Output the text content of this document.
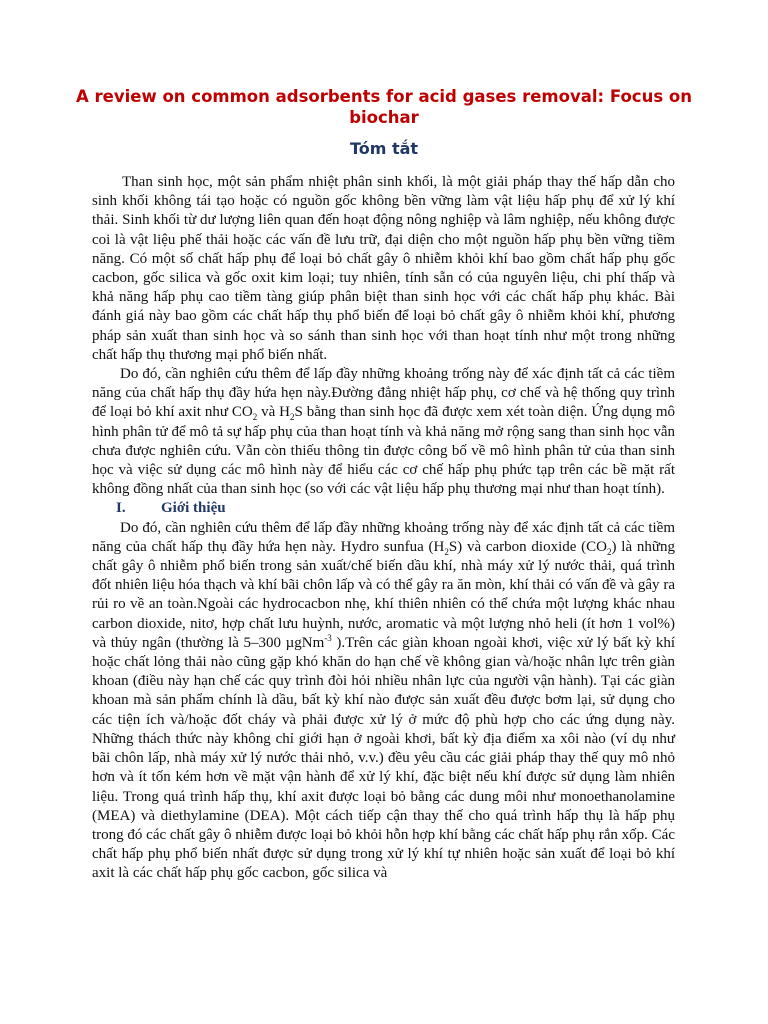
A review on common adsorbents for acid gases removal: Focus on biochar
Tóm tắt

Than sinh học, một sản phẩm nhiệt phân sinh khối, là một giải pháp thay thế hấp dẫn cho sinh khối không tái tạo hoặc có nguồn gốc không bền vững làm vật liệu hấp phụ để xử lý khí thải. Sinh khối từ dư lượng liên quan đến hoạt động nông nghiệp và lâm nghiệp, nếu không được coi là vật liệu phế thải hoặc các vấn đề lưu trữ, đại diện cho một nguồn hấp phụ bền vững tiềm năng. Có một số chất hấp phụ để loại bỏ chất gây ô nhiễm khỏi khí bao gồm chất hấp phụ gốc cacbon, gốc silica và gốc oxit kim loại; tuy nhiên, tính sẵn có của nguyên liệu, chi phí thấp và khả năng hấp phụ cao tiềm tàng giúp phân biệt than sinh học với các chất hấp phụ khác. Bài đánh giá này bao gồm các chất hấp thụ phổ biến để loại bỏ chất gây ô nhiễm khỏi khí, phương pháp sản xuất than sinh học và so sánh than sinh học với than hoạt tính như một trong những chất hấp thụ thương mại phổ biến nhất.

Do đó, cần nghiên cứu thêm để lấp đầy những khoảng trống này để xác định tất cả các tiềm năng của chất hấp thụ đầy hứa hẹn này.Đường đẳng nhiệt hấp phụ, cơ chế và hệ thống quy trình để loại bỏ khí axit như $CO_2$ và $H_2S$ bằng than sinh học đã được xem xét toàn diện. Ứng dụng mô hình phân tử để mô tả sự hấp phụ của than hoạt tính và khả năng mở rộng sang than sinh học vẫn chưa được nghiên cứu. Vẫn còn thiếu thông tin được công bố về mô hình phân tử của than sinh học và việc sử dụng các mô hình này để hiểu các cơ chế hấp phụ phức tạp trên các bề mặt rất không đồng nhất của than sinh học (so với các vật liệu hấp phụ thương mại như than hoạt tính).

I. Giới thiệu

Do đó, cần nghiên cứu thêm để lấp đầy những khoảng trống này để xác định tất cả các tiềm năng của chất hấp thụ đầy hứa hẹn này. Hydro sunfua $(H_2S)$ và carbon dioxide $(CO_2)$ là những chất gây ô nhiễm phổ biến trong sản xuất/chế biến dầu khí, nhà máy xử lý nước thải, quá trình đốt nhiên liệu hóa thạch và khí bãi chôn lấp và có thể gây ra ăn mòn, khí thải có vấn đề và gây ra rủi ro về an toàn.Ngoài các hydrocacbon nhẹ, khí thiên nhiên có thể chứa một lượng khác nhau carbon dioxide, nitơ, hợp chất lưu huỳnh, nước, aromatic và một lượng nhỏ heli (ít hơn 1 vol%) và thủy ngân (thường là 5–300 µgNm$^{-3}$ ).Trên các giàn khoan ngoài khơi, việc xử lý bất kỳ khí hoặc chất lỏng thải nào cũng gặp khó khăn do hạn chế về không gian và/hoặc nhân lực trên giàn khoan (điều này hạn chế các quy trình đòi hỏi nhiều nhân lực của người vận hành). Tại các giàn khoan mà sản phẩm chính là dầu, bất kỳ khí nào được sản xuất đều được bơm lại, sử dụng cho các tiện ích và/hoặc đốt cháy và phải được xử lý ở mức độ phù hợp cho các ứng dụng này. Những thách thức này không chỉ giới hạn ở ngoài khơi, bất kỳ địa điểm xa xôi nào (ví dụ như bãi chôn lấp, nhà máy xử lý nước thải nhỏ, v.v.) đều yêu cầu các giải pháp thay thế quy mô nhỏ hơn và ít tốn kém hơn về mặt vận hành để xử lý khí, đặc biệt nếu khí được sử dụng làm nhiên liệu. Trong quá trình hấp thụ, khí axit được loại bỏ bằng các dung môi như monoethanolamine (MEA) và diethylamine (DEA). Một cách tiếp cận thay thế cho quá trình hấp thụ là hấp phụ trong đó các chất gây ô nhiễm được loại bỏ khỏi hỗn hợp khí bằng các chất hấp phụ rắn xốp. Các chất hấp phụ phổ biến nhất được sử dụng trong xử lý khí tự nhiên hoặc sản xuất để loại bỏ khí axit là các chất hấp phụ gốc cacbon, gốc silica và
